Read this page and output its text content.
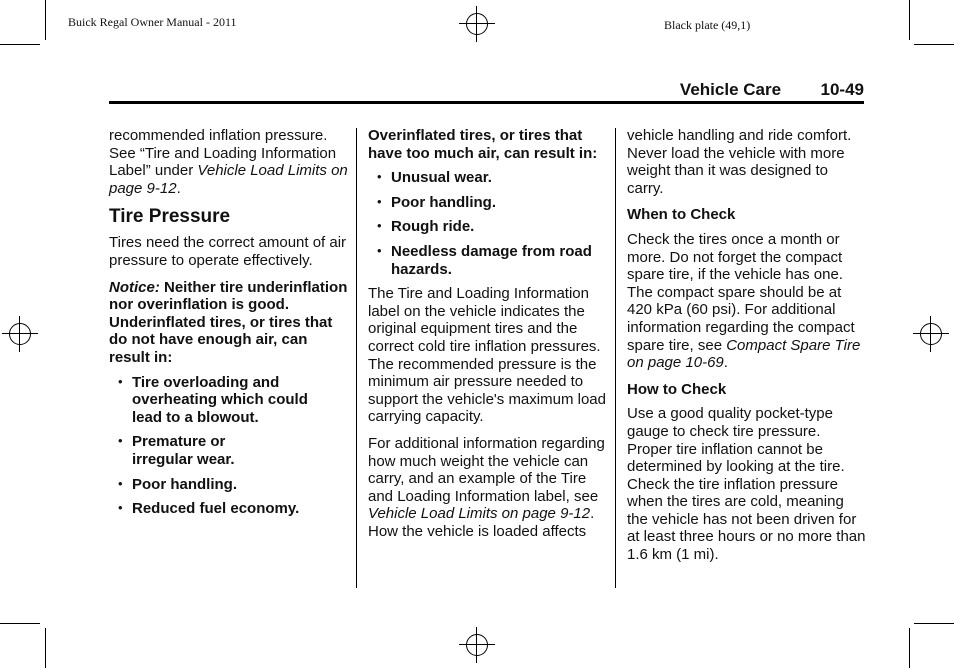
Buick Regal Owner Manual - 2011	Black plate (49,1)
Vehicle Care 10-49

recommended inflation pressure. See “Tire and Loading Information Label” under Vehicle Load Limits on page 9-12.

Tire Pressure

Tires need the correct amount of air pressure to operate effectively.

Notice: Neither tire underinflation nor overinflation is good. Underinflated tires, or tires that do not have enough air, can result in:

• Tire overloading and overheating which could lead to a blowout.
• Premature or irregular wear.
• Poor handling.
• Reduced fuel economy.

Overinflated tires, or tires that have too much air, can result in:

• Unusual wear.
• Poor handling.
• Rough ride.
• Needless damage from road hazards.

The Tire and Loading Information label on the vehicle indicates the original equipment tires and the correct cold tire inflation pressures. The recommended pressure is the minimum air pressure needed to support the vehicle's maximum load carrying capacity.

For additional information regarding how much weight the vehicle can carry, and an example of the Tire and Loading Information label, see Vehicle Load Limits on page 9-12. How the vehicle is loaded affects

vehicle handling and ride comfort. Never load the vehicle with more weight than it was designed to carry.

When to Check

Check the tires once a month or more. Do not forget the compact spare tire, if the vehicle has one. The compact spare should be at 420 kPa (60 psi). For additional information regarding the compact spare tire, see Compact Spare Tire on page 10-69.

How to Check

Use a good quality pocket-type gauge to check tire pressure. Proper tire inflation cannot be determined by looking at the tire. Check the tire inflation pressure when the tires are cold, meaning the vehicle has not been driven for at least three hours or no more than 1.6 km (1 mi).
